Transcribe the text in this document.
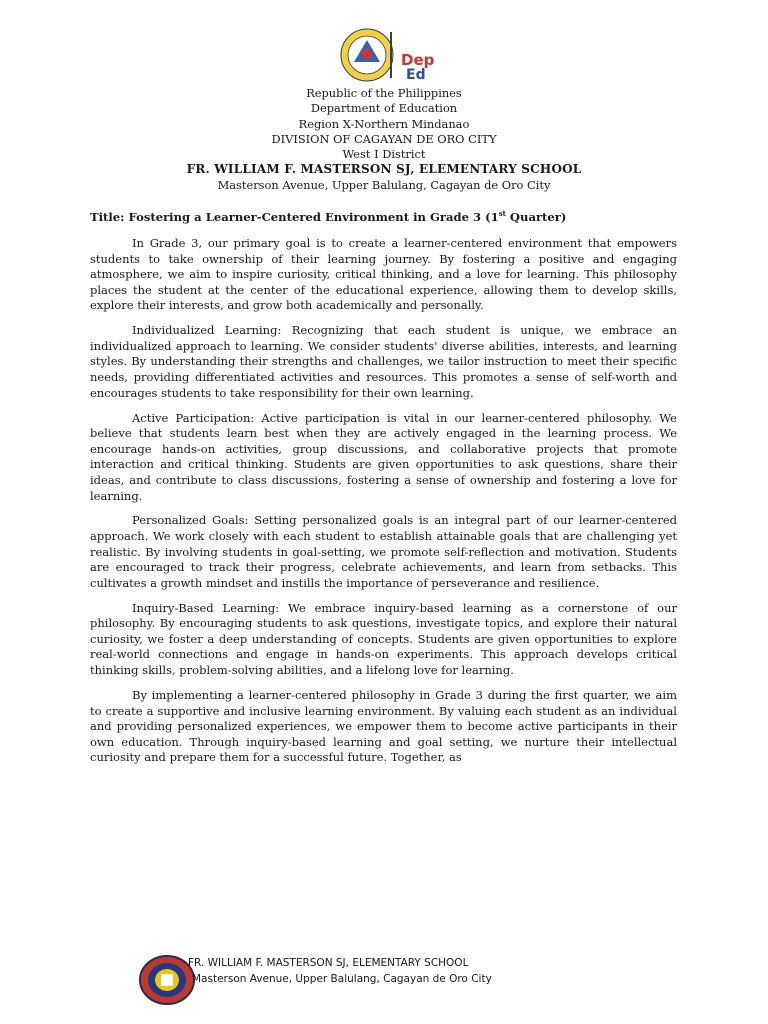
Dep
Ed
Republic of the Philippines
Department of Education
Region X-Northern Mindanao
DIVISION OF CAGAYAN DE ORO CITY
West I District
FR. WILLIAM F. MASTERSON SJ, ELEMENTARY SCHOOL
Masterson Avenue, Upper Balulang, Cagayan de Oro City
Title: Fostering a Learner-Centered Environment in Grade 3 (1st Quarter)

In Grade 3, our primary goal is to create a learner-centered environment that empowers students to take ownership of their learning journey. By fostering a positive and engaging atmosphere, we aim to inspire curiosity, critical thinking, and a love for learning. This philosophy places the student at the center of the educational experience, allowing them to develop skills, explore their interests, and grow both academically and personally.

Individualized Learning: Recognizing that each student is unique, we embrace an individualized approach to learning. We consider students' diverse abilities, interests, and learning styles. By understanding their strengths and challenges, we tailor instruction to meet their specific needs, providing differentiated activities and resources. This promotes a sense of self-worth and encourages students to take responsibility for their own learning.

Active Participation: Active participation is vital in our learner-centered philosophy. We believe that students learn best when they are actively engaged in the learning process. We encourage hands-on activities, group discussions, and collaborative projects that promote interaction and critical thinking. Students are given opportunities to ask questions, share their ideas, and contribute to class discussions, fostering a sense of ownership and fostering a love for learning.

Personalized Goals: Setting personalized goals is an integral part of our learner-centered approach. We work closely with each student to establish attainable goals that are challenging yet realistic. By involving students in goal-setting, we promote self-reflection and motivation. Students are encouraged to track their progress, celebrate achievements, and learn from setbacks. This cultivates a growth mindset and instills the importance of perseverance and resilience.

Inquiry-Based Learning: We embrace inquiry-based learning as a cornerstone of our philosophy. By encouraging students to ask questions, investigate topics, and explore their natural curiosity, we foster a deep understanding of concepts. Students are given opportunities to explore real-world connections and engage in hands-on experiments. This approach develops critical thinking skills, problem-solving abilities, and a lifelong love for learning.

By implementing a learner-centered philosophy in Grade 3 during the first quarter, we aim to create a supportive and inclusive learning environment. By valuing each student as an individual and providing personalized experiences, we empower them to become active participants in their own education. Through inquiry-based learning and goal setting, we nurture their intellectual curiosity and prepare them for a successful future. Together, as

FR. WILLIAM F. MASTERSON SJ, ELEMENTARY SCHOOL
Masterson Avenue, Upper Balulang, Cagayan de Oro City
